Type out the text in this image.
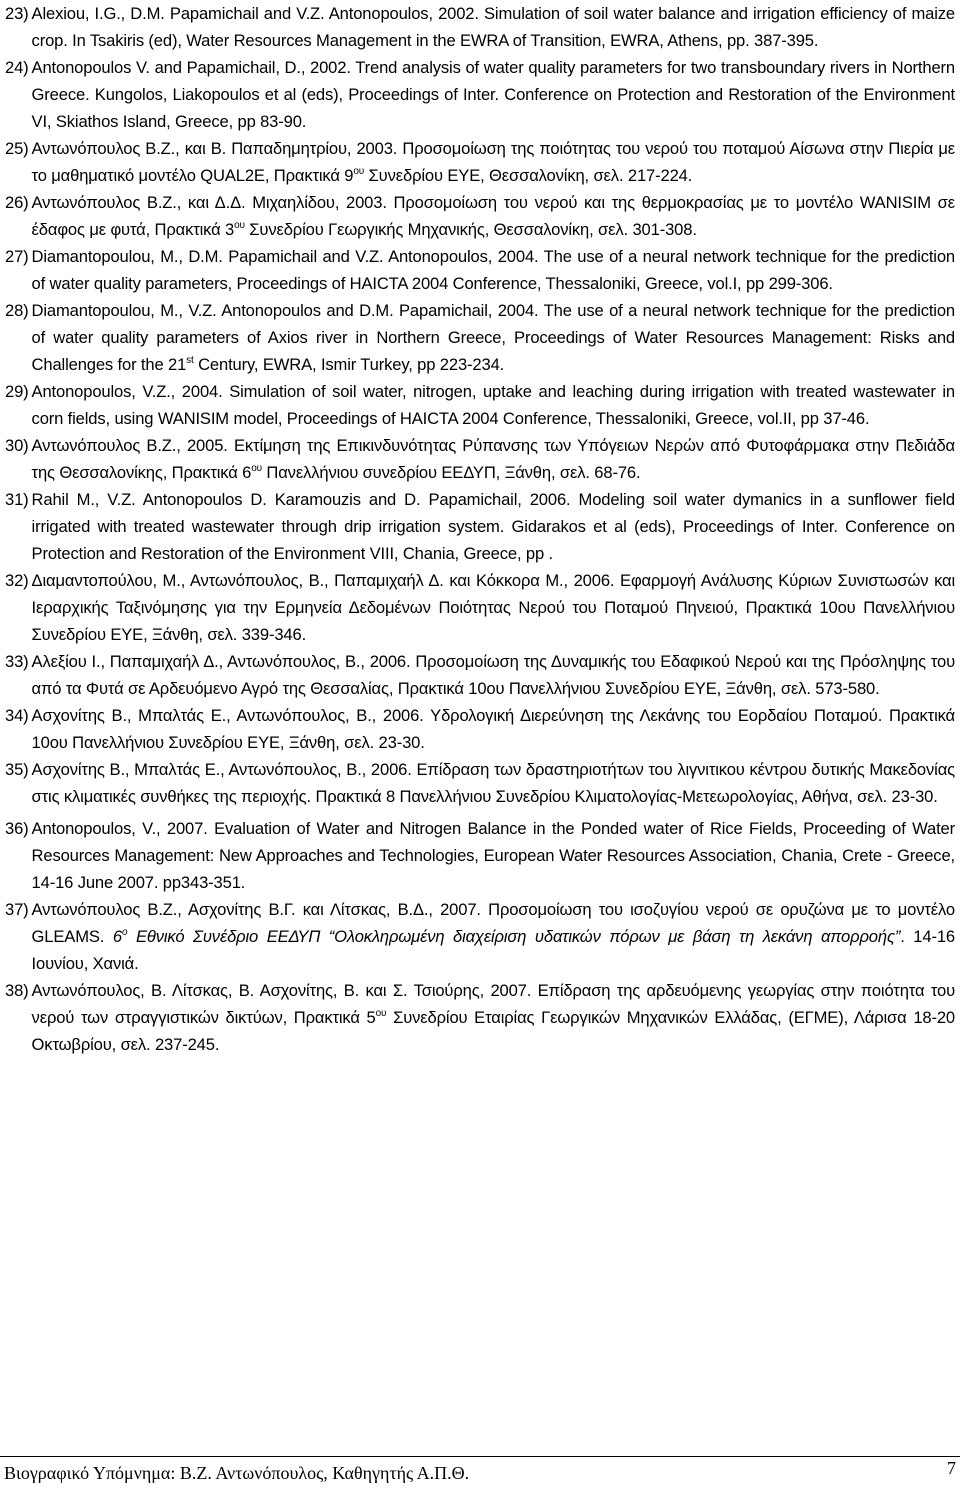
23) Alexiou, I.G., D.M. Papamichail and V.Z. Antonopoulos, 2002. Simulation of soil water balance and irrigation efficiency of maize crop. In Tsakiris (ed), Water Resources Management in the EWRA of Transition, EWRA, Athens, pp. 387-395.
24) Antonopoulos V. and Papamichail, D., 2002. Trend analysis of water quality parameters for two transboundary rivers in Northern Greece. Kungolos, Liakopoulos et al (eds), Proceedings of Inter. Conference on Protection and Restoration of the Environment VI, Skiathos Island, Greece, pp 83-90.
25) Αντωνόπουλος Β.Ζ., και Β. Παπαδημητρίου, 2003. Προσομοίωση της ποιότητας του νερού του ποταμού Αίσωνα στην Πιερία με το μαθηματικό μοντέλο QUAL2E, Πρακτικά $9^{o\upsilon}$ Συνεδρίου ΕΥΕ, Θεσσαλονίκη, σελ. 217-224.
26) Αντωνόπουλος Β.Ζ., και Δ.Δ. Μιχαηλίδου, 2003. Προσομοίωση του νερού και της θερμοκρασίας με το μοντέλο WANISIM σε έδαφος με φυτά, Πρακτικά $3^{o\upsilon}$ Συνεδρίου Γεωργικής Μηχανικής, Θεσσαλονίκη, σελ. 301-308.
27) Diamantopoulou, M., D.M. Papamichail and V.Z. Antonopoulos, 2004. The use of a neural network technique for the prediction of water quality parameters, Proceedings of HAICTA 2004 Conference, Thessaloniki, Greece, vol.I, pp 299-306.
28) Diamantopoulou, M., V.Z. Antonopoulos and D.M. Papamichail, 2004. The use of a neural network technique for the prediction of water quality parameters of Axios river in Northern Greece, Proceedings of Water Resources Management: Risks and Challenges for the 21st Century, EWRA, Ismir Turkey, pp 223-234.
29) Antonopoulos, V.Z., 2004. Simulation of soil water, nitrogen, uptake and leaching during irrigation with treated wastewater in corn fields, using WANISIM model, Proceedings of HAICTA 2004 Conference, Thessaloniki, Greece, vol.II, pp 37-46.
30) Αντωνόπουλος Β.Ζ., 2005. Εκτίμηση της Επικινδυνότητας Ρύπανσης των Υπόγειων Νερών από Φυτοφάρμακα στην Πεδιάδα της Θεσσαλονίκης, Πρακτικά $6^{o\upsilon}$ Πανελλήνιου συνεδρίου ΕΕΔΥΠ, Ξάνθη, σελ. 68-76.
31) Rahil M., V.Z. Antonopoulos D. Karamouzis and D. Papamichail, 2006. Modeling soil water dymanics in a sunflower field irrigated with treated wastewater through drip irrigation system. Gidarakos et al (eds), Proceedings of Inter. Conference on Protection and Restoration of the Environment VIII, Chania, Greece, pp .
32) Διαμαντοπούλου, Μ., Αντωνόπουλος, Β., Παπαμιχαήλ Δ. και Κόκκορα Μ., 2006. Εφαρμογή Ανάλυσης Κύριων Συνιστωσών και Ιεραρχικής Ταξινόμησης για την Ερμηνεία Δεδομένων Ποιότητας Νερού του Ποταμού Πηνειού, Πρακτικά 10ου Πανελλήνιου Συνεδρίου ΕΥΕ, Ξάνθη, σελ. 339-346.
33) Αλεξίου Ι., Παπαμιχαήλ Δ., Αντωνόπουλος, Β., 2006. Προσομοίωση της Δυναμικής του Εδαφικού Νερού και της Πρόσληψης του από τα Φυτά σε Αρδευόμενο Αγρό της Θεσσαλίας, Πρακτικά 10ου Πανελλήνιου Συνεδρίου ΕΥΕ, Ξάνθη, σελ. 573-580.
34) Ασχονίτης Β., Μπαλτάς Ε., Αντωνόπουλος, Β., 2006. Υδρολογική Διερεύνηση της Λεκάνης του Εορδαίου Ποταμού. Πρακτικά 10ου Πανελλήνιου Συνεδρίου ΕΥΕ, Ξάνθη, σελ. 23-30.
35) Ασχονίτης Β., Μπαλτάς Ε., Αντωνόπουλος, Β., 2006. Επίδραση των δραστηριοτήτων του λιγνιτικου κέντρου δυτικής Μακεδονίας στις κλιματικές συνθήκες της περιοχής. Πρακτικά 8 Πανελλήνιου Συνεδρίου Κλιματολογίας-Μετεωρολογίας, Αθήνα, σελ. 23-30.
36) Antonopoulos, V., 2007. Evaluation of Water and Nitrogen Balance in the Ponded water of Rice Fields, Proceeding of Water Resources Management: New Approaches and Technologies, European Water Resources Association, Chania, Crete - Greece, 14-16 June 2007. pp343-351.
37) Αντωνόπουλος Β.Ζ., Ασχονίτης Β.Γ. και Λίτσκας, Β.Δ., 2007. Προσομοίωση του ισοζυγίου νερού σε ορυζώνα με το μοντέλο GLEAMS. $6^o$ Εθνικό Συνέδριο ΕΕΔΥΠ “Ολοκληρωμένη διαχείριση υδατικών πόρων με βάση τη λεκάνη απορροής”. 14-16 Ιουνίου, Χανιά.
38) Αντωνόπουλος, Β. Λίτσκας, Β. Ασχονίτης, Β. και Σ. Τσιούρης, 2007. Επίδραση της αρδευόμενης γεωργίας στην ποιότητα του νερού των στραγγιστικών δικτύων, Πρακτικά $5^{o\upsilon}$ Συνεδρίου Εταιρίας Γεωργικών Μηχανικών Ελλάδας, (ΕΓΜΕ), Λάρισα 18-20 Οκτωβρίου, σελ. 237-245.
Βιογραφικό Υπόμνημα: Β.Ζ. Αντωνόπουλος, Καθηγητής Α.Π.Θ.	7
